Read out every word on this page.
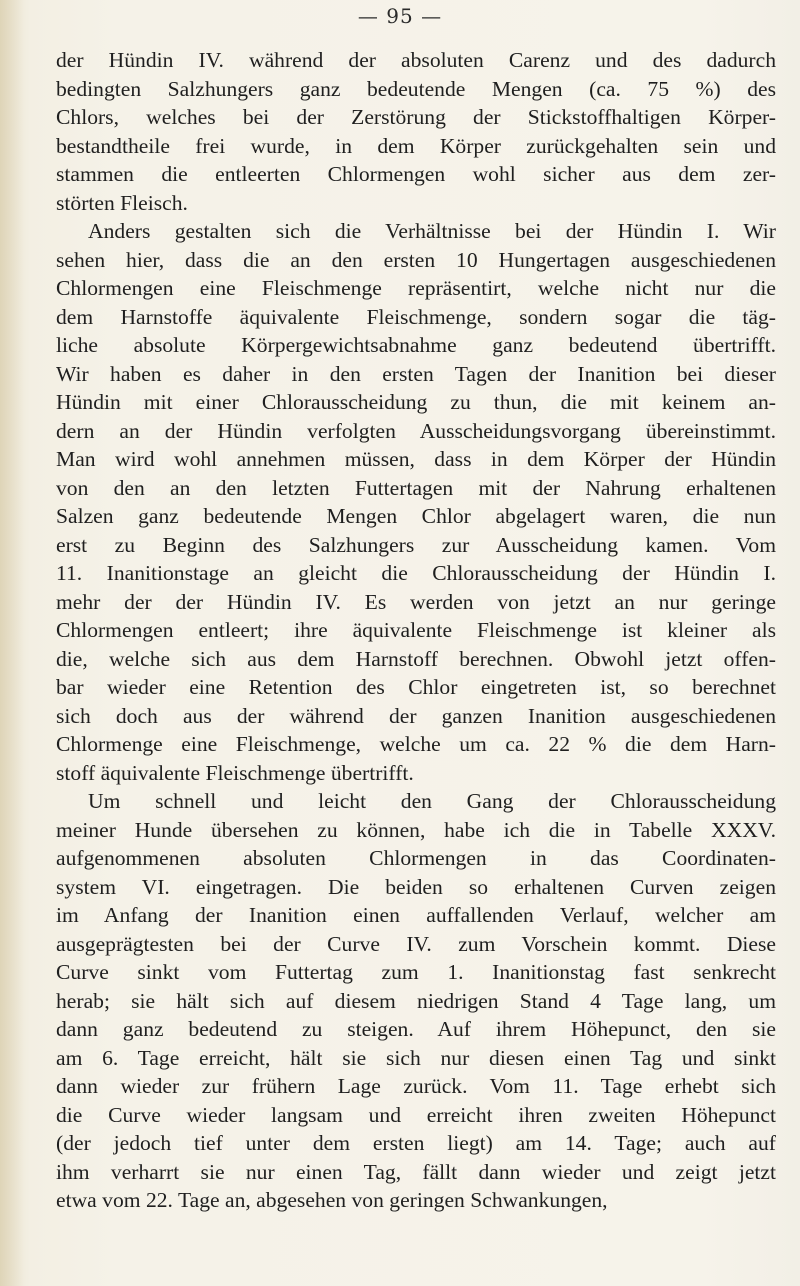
— 95 —
der Hündin IV. während der absoluten Carenz und des dadurch
bedingten Salzhungers ganz bedeutende Mengen (ca. 75 %) des
Chlors, welches bei der Zerstörung der Stickstoffhaltigen Körper-
bestandtheile frei wurde, in dem Körper zurückgehalten sein und
stammen die entleerten Chlormengen wohl sicher aus dem zer-
störten Fleisch.
Anders gestalten sich die Verhältnisse bei der Hündin I. Wir
sehen hier, dass die an den ersten 10 Hungertagen ausgeschiedenen
Chlormengen eine Fleischmenge repräsentirt, welche nicht nur die
dem Harnstoffe äquivalente Fleischmenge, sondern sogar die täg-
liche absolute Körpergewichtsabnahme ganz bedeutend übertrifft.
Wir haben es daher in den ersten Tagen der Inanition bei dieser
Hündin mit einer Chlorausscheidung zu thun, die mit keinem an-
dern an der Hündin verfolgten Ausscheidungsvorgang übereinstimmt.
Man wird wohl annehmen müssen, dass in dem Körper der Hündin
von den an den letzten Futtertagen mit der Nahrung erhaltenen
Salzen ganz bedeutende Mengen Chlor abgelagert waren, die nun
erst zu Beginn des Salzhungers zur Ausscheidung kamen. Vom
11. Inanitionstage an gleicht die Chlorausscheidung der Hündin I.
mehr der der Hündin IV. Es werden von jetzt an nur geringe
Chlormengen entleert; ihre äquivalente Fleischmenge ist kleiner als
die, welche sich aus dem Harnstoff berechnen. Obwohl jetzt offen-
bar wieder eine Retention des Chlor eingetreten ist, so berechnet
sich doch aus der während der ganzen Inanition ausgeschiedenen
Chlormenge eine Fleischmenge, welche um ca. 22 % die dem Harn-
stoff äquivalente Fleischmenge übertrifft.
Um schnell und leicht den Gang der Chlorausscheidung
meiner Hunde übersehen zu können, habe ich die in Tabelle XXXV.
aufgenommenen absoluten Chlormengen in das Coordinaten-
system VI. eingetragen. Die beiden so erhaltenen Curven zeigen
im Anfang der Inanition einen auffallenden Verlauf, welcher am
ausgeprägtesten bei der Curve IV. zum Vorschein kommt. Diese
Curve sinkt vom Futtertag zum 1. Inanitionstag fast senkrecht
herab; sie hält sich auf diesem niedrigen Stand 4 Tage lang, um
dann ganz bedeutend zu steigen. Auf ihrem Höhepunct, den sie
am 6. Tage erreicht, hält sie sich nur diesen einen Tag und sinkt
dann wieder zur frühern Lage zurück. Vom 11. Tage erhebt sich
die Curve wieder langsam und erreicht ihren zweiten Höhepunct
(der jedoch tief unter dem ersten liegt) am 14. Tage; auch auf
ihm verharrt sie nur einen Tag, fällt dann wieder und zeigt jetzt
etwa vom 22. Tage an, abgesehen von geringen Schwankungen,
